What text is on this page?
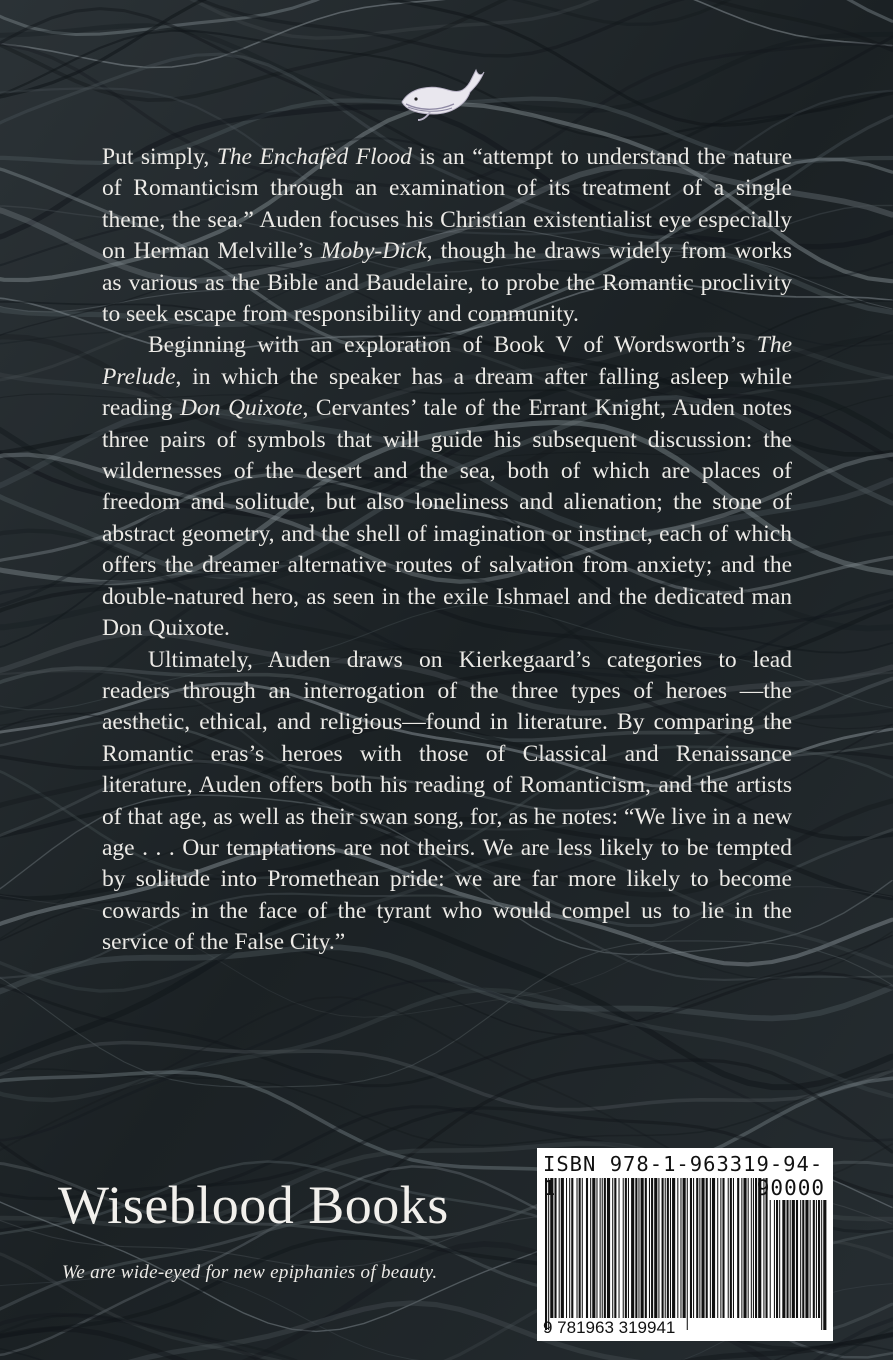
Put simply, The Enchafèd Flood is an “attempt to understand the nature of Romanticism through an examination of its treatment of a single theme, the sea.” Auden focuses his Christian existentialist eye especially on Herman Melville’s Moby-Dick, though he draws widely from works as various as the Bible and Baudelaire, to probe the Romantic proclivity to seek escape from responsibility and community.

Beginning with an exploration of Book V of Wordsworth’s The Prelude, in which the speaker has a dream after falling asleep while reading Don Quixote, Cervantes’ tale of the Errant Knight, Auden notes three pairs of symbols that will guide his subsequent discussion: the wildernesses of the desert and the sea, both of which are places of freedom and solitude, but also loneliness and alienation; the stone of abstract geometry, and the shell of imagination or instinct, each of which offers the dreamer alternative routes of salvation from anxiety; and the double-natured hero, as seen in the exile Ishmael and the dedicated man Don Quixote.

Ultimately, Auden draws on Kierkegaard’s categories to lead readers through an interrogation of the three types of heroes —the aesthetic, ethical, and religious—found in literature. By comparing the Romantic eras’s heroes with those of Classical and Renaissance literature, Auden offers both his reading of Romanticism, and the artists of that age, as well as their swan song, for, as he notes: “We live in a new age . . . Our temptations are not theirs. We are less likely to be tempted by solitude into Promethean pride: we are far more likely to become cowards in the face of the tyrant who would compel us to lie in the service of the False City.”

Wiseblood Books
We are wide-eyed for new epiphanies of beauty.
ISBN 978-1-963319-94-1	90000
9 781963 319941
